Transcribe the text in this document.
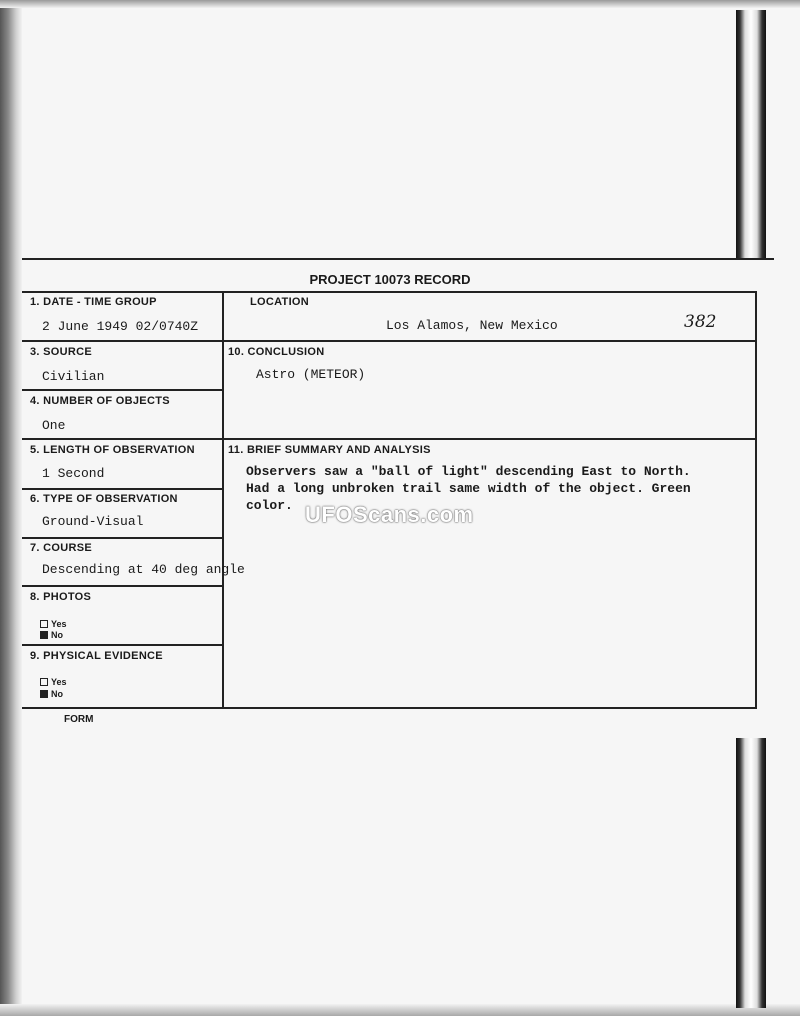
PROJECT 10073 RECORD
1. DATE - TIME GROUP
2 June 1949 02/0740Z
LOCATION
Los Alamos, New Mexico	382
3. SOURCE
Civilian
10. CONCLUSION
Astro (METEOR)
4. NUMBER OF OBJECTS
One
5. LENGTH OF OBSERVATION
1 Second
11. BRIEF SUMMARY AND ANALYSIS
Observers saw a "ball of light" descending East to North.
Had a long unbroken trail same width of the object. Green
color.
6. TYPE OF OBSERVATION
Ground-Visual
7. COURSE
Descending at 40 deg angle
8. PHOTOS
Yes
No
9. PHYSICAL EVIDENCE
Yes
No
FORM
UFOScans.com
